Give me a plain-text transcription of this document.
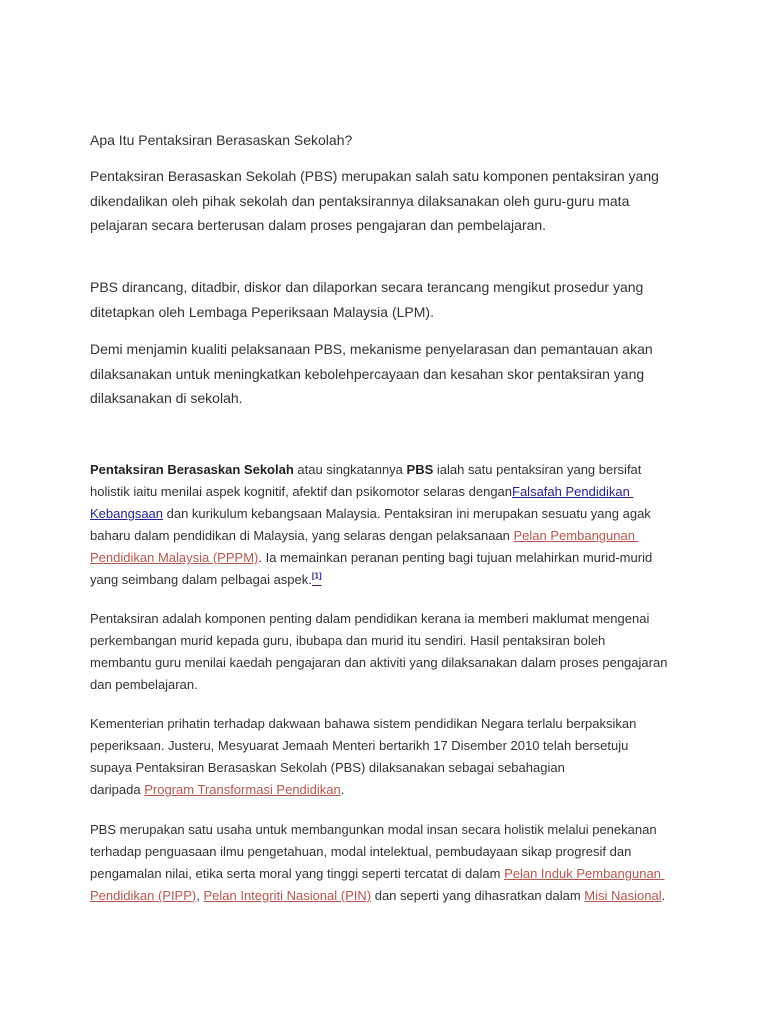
Apa Itu Pentaksiran Berasaskan Sekolah?
Pentaksiran Berasaskan Sekolah (PBS) merupakan salah satu komponen pentaksiran yang
dikendalikan oleh pihak sekolah dan pentaksirannya dilaksanakan oleh guru-guru mata
pelajaran secara berterusan dalam proses pengajaran dan pembelajaran.
PBS dirancang, ditadbir, diskor dan dilaporkan secara terancang mengikut prosedur yang
ditetapkan oleh Lembaga Peperiksaan Malaysia (LPM).
Demi menjamin kualiti pelaksanaan PBS, mekanisme penyelarasan dan pemantauan akan
dilaksanakan untuk meningkatkan kebolehpercayaan dan kesahan skor pentaksiran yang
dilaksanakan di sekolah.
Pentaksiran Berasaskan Sekolah atau singkatannya PBS ialah satu pentaksiran yang bersifat
holistik iaitu menilai aspek kognitif, afektif dan psikomotor selaras denganFalsafah Pendidikan
Kebangsaan dan kurikulum kebangsaan Malaysia. Pentaksiran ini merupakan sesuatu yang agak
baharu dalam pendidikan di Malaysia, yang selaras dengan pelaksanaan Pelan Pembangunan
Pendidikan Malaysia (PPPM). Ia memainkan peranan penting bagi tujuan melahirkan murid-murid
yang seimbang dalam pelbagai aspek.[1]
Pentaksiran adalah komponen penting dalam pendidikan kerana ia memberi maklumat mengenai
perkembangan murid kepada guru, ibubapa dan murid itu sendiri. Hasil pentaksiran boleh
membantu guru menilai kaedah pengajaran dan aktiviti yang dilaksanakan dalam proses pengajaran
dan pembelajaran.
Kementerian prihatin terhadap dakwaan bahawa sistem pendidikan Negara terlalu berpaksikan
peperiksaan. Justeru, Mesyuarat Jemaah Menteri bertarikh 17 Disember 2010 telah bersetuju
supaya Pentaksiran Berasaskan Sekolah (PBS) dilaksanakan sebagai sebahagian
daripada Program Transformasi Pendidikan.
PBS merupakan satu usaha untuk membangunkan modal insan secara holistik melalui penekanan
terhadap penguasaan ilmu pengetahuan, modal intelektual, pembudayaan sikap progresif dan
pengamalan nilai, etika serta moral yang tinggi seperti tercatat di dalam Pelan Induk Pembangunan
Pendidikan (PIPP), Pelan Integriti Nasional (PIN) dan seperti yang dihasratkan dalam Misi Nasional.
